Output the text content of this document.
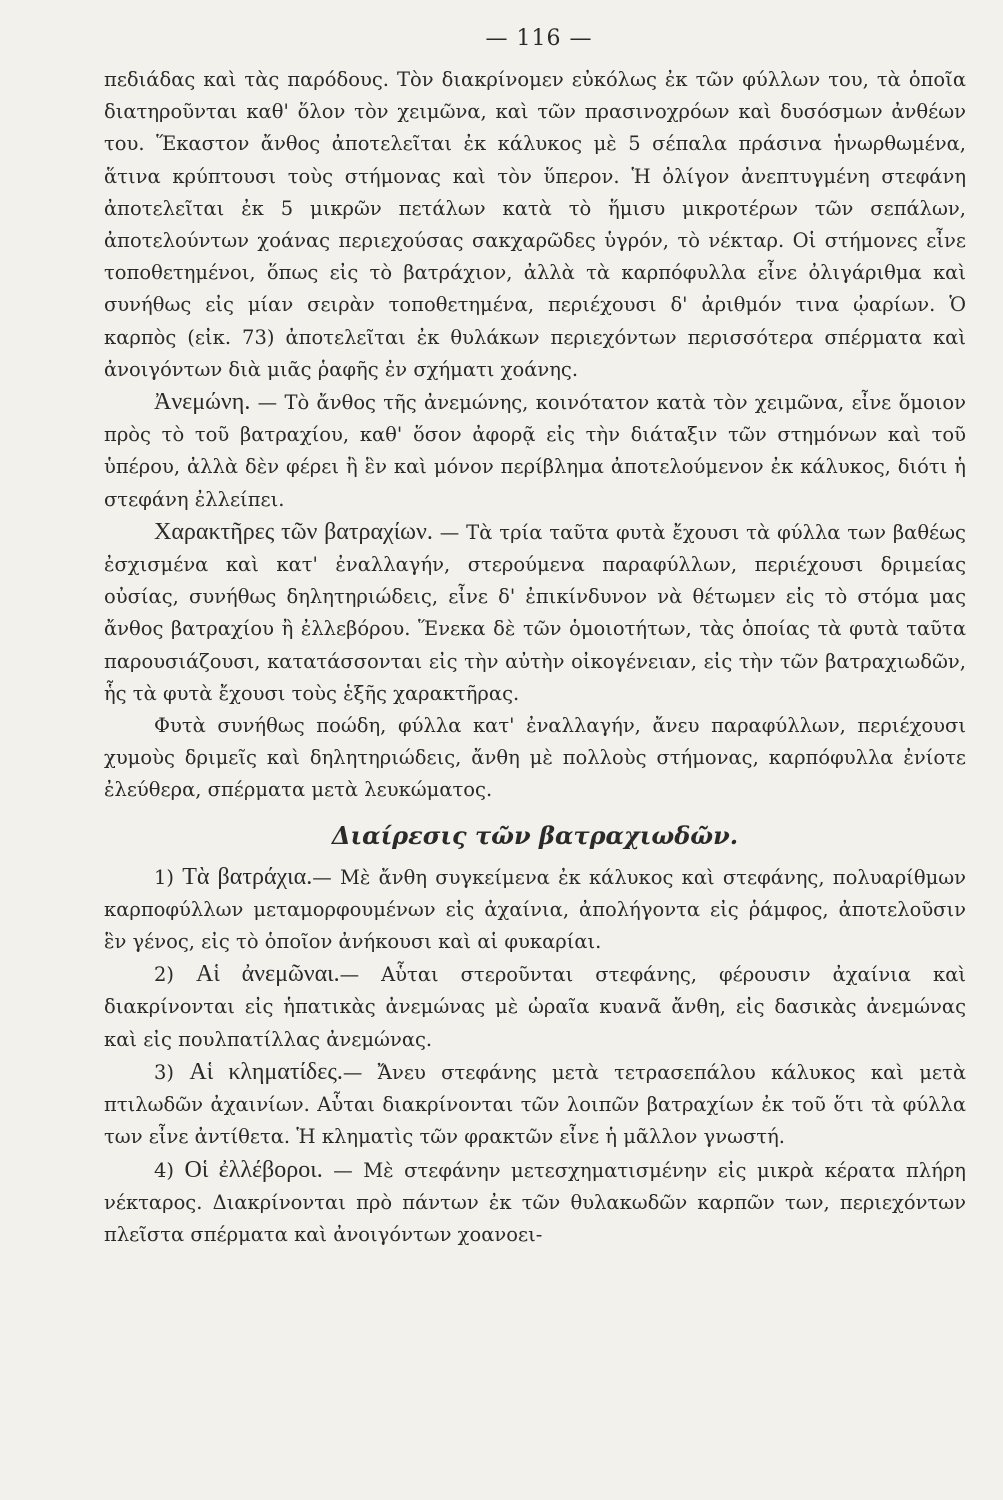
— 116 —

πεδιάδας καὶ τὰς παρόδους. Τὸν διακρίνομεν εὐκόλως ἐκ τῶν φύλλων του, τὰ ὁποῖα διατηροῦνται καθ' ὅλον τὸν χειμῶνα, καὶ τῶν πρασινοχρόων καὶ δυσόσμων ἀνθέων του. Ἕκαστον ἄνθος ἀποτελεῖται ἐκ κάλυκος μὲ 5 σέπαλα πράσινα ἡνωρθωμένα, ἅτινα κρύπτουσι τοὺς στήμονας καὶ τὸν ὕπερον. Ἡ ὀλίγον ἀνεπτυγμένη στεφάνη ἀποτελεῖται ἐκ 5 μικρῶν πετάλων κατὰ τὸ ἥμισυ μικροτέρων τῶν σεπάλων, ἀποτελούντων χοάνας περιεχούσας σακχαρῶδες ὑγρόν, τὸ νέκταρ. Οἱ στήμονες εἶνε τοποθετημένοι, ὅπως εἰς τὸ βατράχιον, ἀλλὰ τὰ καρπόφυλλα εἶνε ὀλιγάριθμα καὶ συνήθως εἰς μίαν σειρὰν τοποθετημένα, περιέχουσι δ' ἀριθμόν τινα ᾠαρίων. Ὁ καρπὸς (εἰκ. 73) ἀποτελεῖται ἐκ θυλάκων περιεχόντων περισσότερα σπέρματα καὶ ἀνοιγόντων διὰ μιᾶς ῥαφῆς ἐν σχήματι χοάνης.

Ἀνεμώνη. — Τὸ ἄνθος τῆς ἀνεμώνης, κοινότατον κατὰ τὸν χειμῶνα, εἶνε ὅμοιον πρὸς τὸ τοῦ βατραχίου, καθ' ὅσον ἀφορᾷ εἰς τὴν διάταξιν τῶν στημόνων καὶ τοῦ ὑπέρου, ἀλλὰ δὲν φέρει ἢ ἓν καὶ μόνον περίβλημα ἀποτελούμενον ἐκ κάλυκος, διότι ἡ στεφάνη ἐλλείπει.

Χαρακτῆρες τῶν βατραχίων. — Τὰ τρία ταῦτα φυτὰ ἔχουσι τὰ φύλλα των βαθέως ἐσχισμένα καὶ κατ' ἐναλλαγήν, στερούμενα παραφύλλων, περιέχουσι δριμείας οὐσίας, συνήθως δηλητηριώδεις, εἶνε δ' ἐπικίνδυνον νὰ θέτωμεν εἰς τὸ στόμα μας ἄνθος βατραχίου ἢ ἐλλεβόρου. Ἕνεκα δὲ τῶν ὁμοιοτήτων, τὰς ὁποίας τὰ φυτὰ ταῦτα παρουσιάζουσι, κατατάσσονται εἰς τὴν αὐτὴν οἰκογένειαν, εἰς τὴν τῶν βατραχιωδῶν, ἧς τὰ φυτὰ ἔχουσι τοὺς ἑξῆς χαρακτῆρας.

Φυτὰ συνήθως ποώδη, φύλλα κατ' ἐναλλαγήν, ἄνευ παραφύλλων, περιέχουσι χυμοὺς δριμεῖς καὶ δηλητηριώδεις, ἄνθη μὲ πολλοὺς στήμονας, καρπόφυλλα ἐνίοτε ἐλεύθερα, σπέρματα μετὰ λευκώματος.

Διαίρεσις τῶν βατραχιωδῶν.

1) Τὰ βατράχια.— Μὲ ἄνθη συγκείμενα ἐκ κάλυκος καὶ στεφάνης, πολυαρίθμων καρποφύλλων μεταμορφουμένων εἰς ἀχαίνια, ἀπολήγοντα εἰς ῥάμφος, ἀποτελοῦσιν ἓν γένος, εἰς τὸ ὁποῖον ἀνήκουσι καὶ αἱ φυκαρίαι.

2) Αἱ ἀνεμῶναι.— Αὗται στεροῦνται στεφάνης, φέρουσιν ἀχαίνια καὶ διακρίνονται εἰς ἡπατικὰς ἀνεμώνας μὲ ὡραῖα κυανᾶ ἄνθη, εἰς δασικὰς ἀνεμώνας καὶ εἰς πουλπατίλλας ἀνεμώνας.

3) Αἱ κληματίδες.— Ἄνευ στεφάνης μετὰ τετρασεπάλου κάλυκος καὶ μετὰ πτιλωδῶν ἀχαινίων. Αὗται διακρίνονται τῶν λοιπῶν βατραχίων ἐκ τοῦ ὅτι τὰ φύλλα των εἶνε ἀντίθετα. Ἡ κληματὶς τῶν φρακτῶν εἶνε ἡ μᾶλλον γνωστή.

4) Οἱ ἐλλέβοροι. — Μὲ στεφάνην μετεσχηματισμένην εἰς μικρὰ κέρατα πλήρη νέκταρος. Διακρίνονται πρὸ πάντων ἐκ τῶν θυλακωδῶν καρπῶν των, περιεχόντων πλεῖστα σπέρματα καὶ ἀνοιγόντων χοανοει-
